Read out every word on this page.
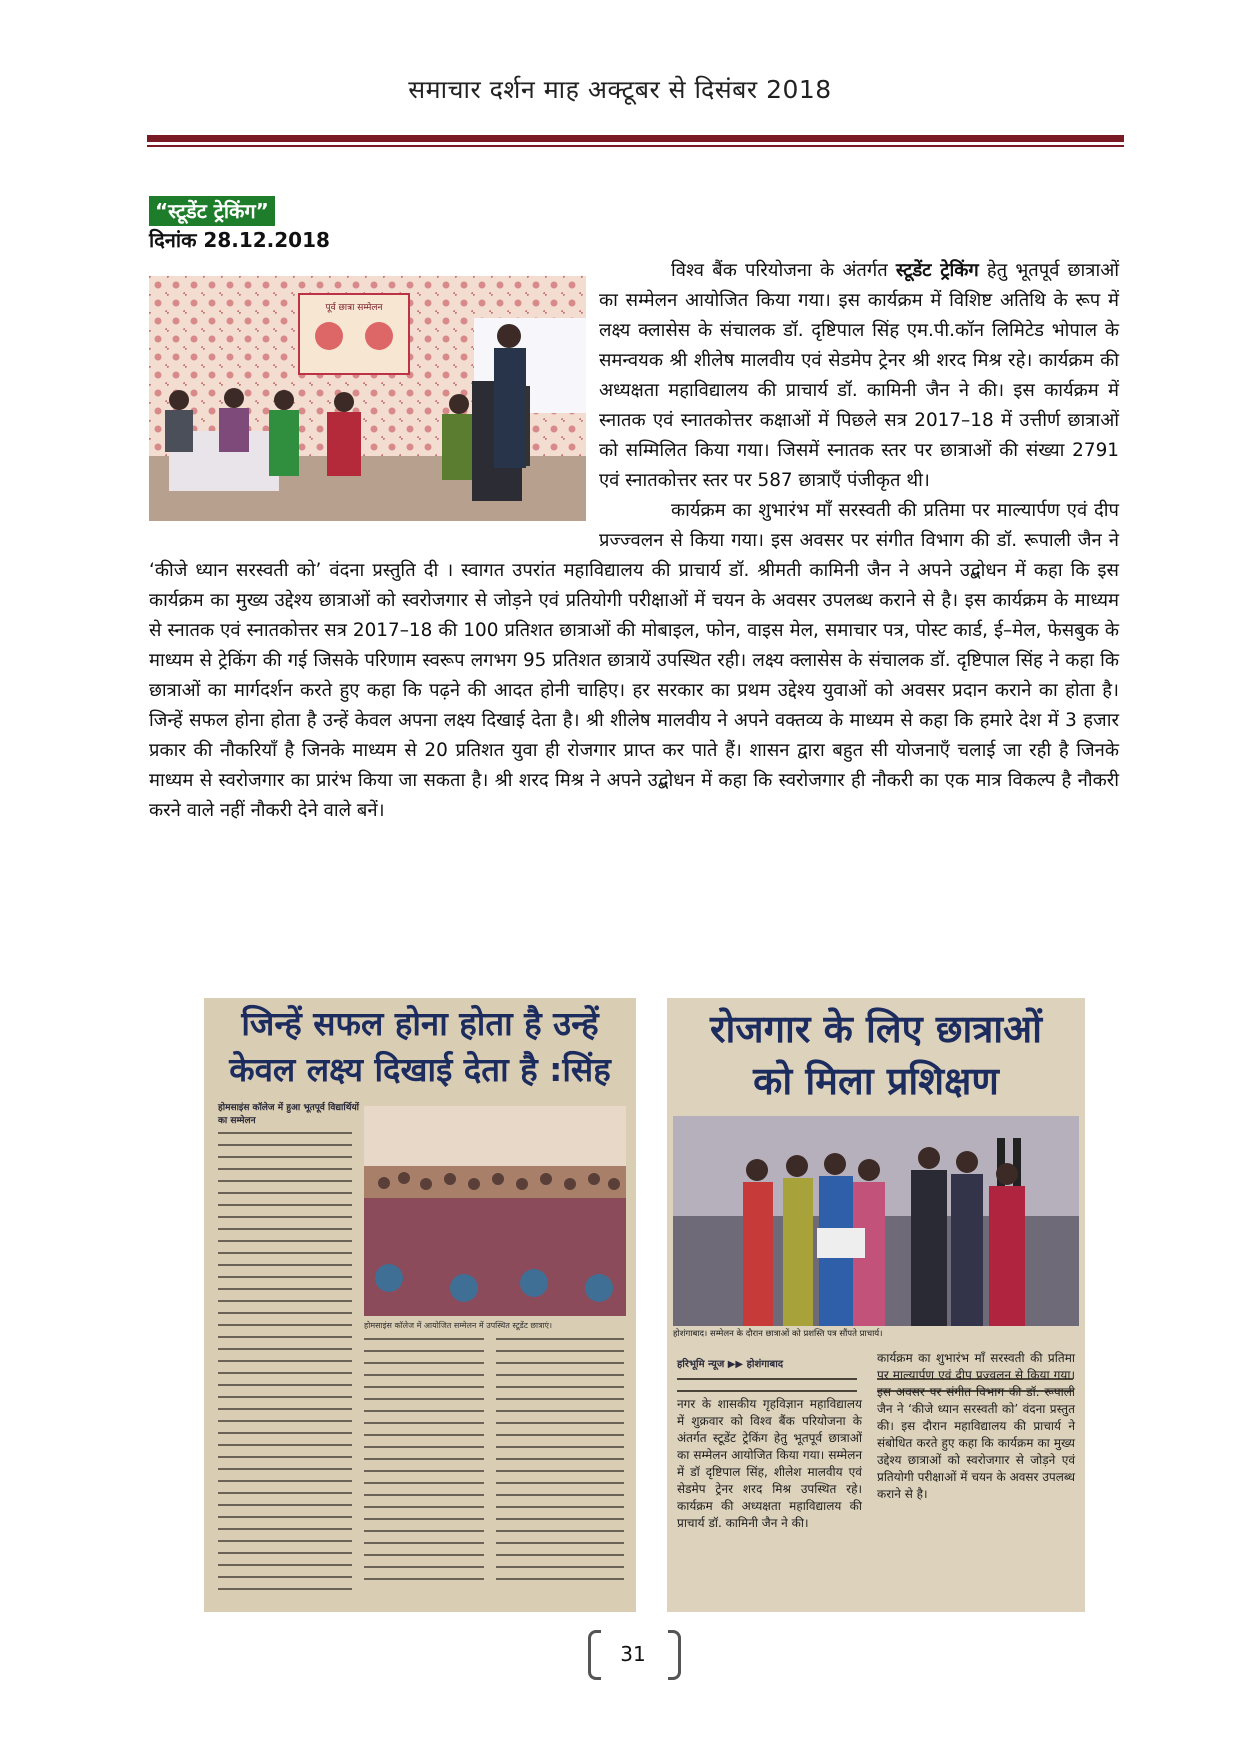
समाचार दर्शन माह अक्टूबर से दिसंबर 2018
“स्टूडेंट ट्रेकिंग”
दिनांक 28.12.2018
पूर्व छात्रा सम्मेलन

विश्व बैंक परियोजना के अंतर्गत स्टूडेंट ट्रेकिंग हेतु भूतपूर्व छात्राओं का सम्मेलन आयोजित किया गया। इस कार्यक्रम में विशिष्ट अतिथि के रूप में लक्ष्य क्लासेस के संचालक डॉ. दृष्टिपाल सिंह एम.पी.कॉन लिमिटेड भोपाल के समन्वयक श्री शीलेष मालवीय एवं सेडमेप ट्रेनर श्री शरद मिश्र रहे। कार्यक्रम की अध्यक्षता महाविद्यालय की प्राचार्य डॉ. कामिनी जैन ने की। इस कार्यक्रम में स्नातक एवं स्नातकोत्तर कक्षाओं में पिछले सत्र 2017–18 में उत्तीर्ण छात्राओं को सम्मिलित किया गया। जिसमें स्नातक स्तर पर छात्राओं की संख्या 2791 एवं स्नातकोत्तर स्तर पर 587 छात्राएँ पंजीकृत थी।

कार्यक्रम का शुभारंभ माँ सरस्वती की प्रतिमा पर माल्यार्पण एवं दीप प्रज्ज्वलन से किया गया। इस अवसर पर संगीत विभाग की डॉ. रूपाली जैन ने ‘कीजे ध्यान सरस्वती को’ वंदना प्रस्तुति दी । स्वागत उपरांत महाविद्यालय की प्राचार्य डॉ. श्रीमती कामिनी जैन ने अपने उद्बोधन में कहा कि इस कार्यक्रम का मुख्य उद्देश्य छात्राओं को स्वरोजगार से जोड़ने एवं प्रतियोगी परीक्षाओं में चयन के अवसर उपलब्ध कराने से है। इस कार्यक्रम के माध्यम से स्नातक एवं स्नातकोत्तर सत्र 2017–18 की 100 प्रतिशत छात्राओं की मोबाइल, फोन, वाइस मेल, समाचार पत्र, पोस्ट कार्ड, ई–मेल, फेसबुक के माध्यम से ट्रेकिंग की गई जिसके परिणाम स्वरूप लगभग 95 प्रतिशत छात्रायें उपस्थित रही। लक्ष्य क्लासेस के संचालक डॉ. दृष्टिपाल सिंह ने कहा कि छात्राओं का मार्गदर्शन करते हुए कहा कि पढ़ने की आदत होनी चाहिए। हर सरकार का प्रथम उद्देश्य युवाओं को अवसर प्रदान कराने का होता है। जिन्हें सफल होना होता है उन्हें केवल अपना लक्ष्य दिखाई देता है। श्री शीलेष मालवीय ने अपने वक्तव्य के माध्यम से कहा कि हमारे देश में 3 हजार प्रकार की नौकरियाँ है जिनके माध्यम से 20 प्रतिशत युवा ही रोजगार प्राप्त कर पाते हैं। शासन द्वारा बहुत सी योजनाएँ चलाई जा रही है जिनके माध्यम से स्वरोजगार का प्रारंभ किया जा सकता है। श्री शरद मिश्र ने अपने उद्बोधन में कहा कि स्वरोजगार ही नौकरी का एक मात्र विकल्प है नौकरी करने वाले नहीं नौकरी देने वाले बनें।

जिन्हें सफल होना होता है उन्हें
केवल लक्ष्य दिखाई देता है :सिंह
होमसाइंस कॉलेज में हुआ भूतपूर्व विद्यार्थियों का सम्मेलन
होमसाइंस कॉलेज में आयोजित सम्मेलन में उपस्थित स्टूडेंट छात्राएं।
रोजगार के लिए छात्राओं
को मिला प्रशिक्षण
होशंगाबाद। सम्मेलन के दौरान छात्राओं को प्रशस्ति पत्र सौंपते प्राचार्य।
हरिभूमि न्यूज ▶▶ होशंगाबाद
नगर के शासकीय गृहविज्ञान महाविद्यालय में शुक्रवार को विश्व बैंक परियोजना के अंतर्गत स्टूडेंट ट्रेकिंग हेतु भूतपूर्व छात्राओं का सम्मेलन आयोजित किया गया। सम्मेलन में डॉ दृष्टिपाल सिंह, शीलेश मालवीय एवं सेडमेप ट्रेनर शरद मिश्र उपस्थित रहे। कार्यक्रम की अध्यक्षता महाविद्यालय की प्राचार्य डॉ. कामिनी जैन ने की।
कार्यक्रम का शुभारंभ माँ सरस्वती की प्रतिमा पर माल्यार्पण एवं दीप प्रज्वलन से किया गया। इस अवसर पर संगीत विभाग की डॉ. रूपाली जैन ने ‘कीजे ध्यान सरस्वती को’ वंदना प्रस्तुत की। इस दौरान महाविद्यालय की प्राचार्य ने संबोधित करते हुए कहा कि कार्यक्रम का मुख्य उद्देश्य छात्राओं को स्वरोजगार से जोड़ने एवं प्रतियोगी परीक्षाओं में चयन के अवसर उपलब्ध कराने से है।
31
